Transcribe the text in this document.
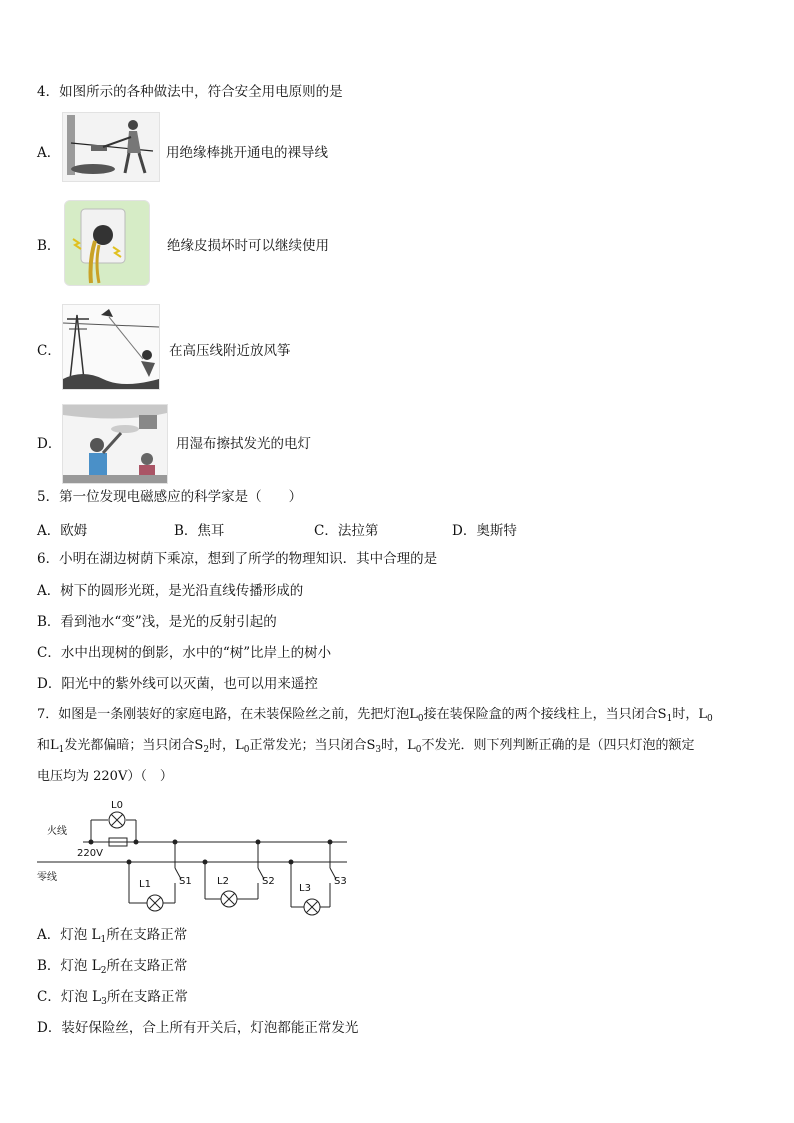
4．如图所示的各种做法中，符合安全用电原则的是
A．	用绝缘棒挑开通电的裸导线
B．	绝缘皮损坏时可以继续使用
C．	在高压线附近放风筝
D．	用湿布擦拭发光的电灯
5．第一位发现电磁感应的科学家是（　　）
A．欧姆	B．焦耳	C．法拉第	D．奥斯特
6．小明在湖边树荫下乘凉，想到了所学的物理知识．其中合理的是
A．树下的圆形光斑，是光沿直线传播形成的
B．看到池水“变”浅，是光的反射引起的
C．水中出现树的倒影，水中的“树”比岸上的树小
D．阳光中的紫外线可以灭菌，也可以用来遥控
7．如图是一条刚装好的家庭电路，在未装保险丝之前，先把灯泡$L_0$接在装保险盒的两个接线柱上，当只闭合$S_1$时，$L_0$
和$L_1$发光都偏暗；当只闭合$S_2$时，$L_0$正常发光；当只闭合$S_3$时，$L_0$不发光．则下列判断正确的是（四只灯泡的额定
电压均为 220V）（　）
火线
零线
220V
L0
L1	S1	L2	S2
L3
S3
A．灯泡 $L_1$所在支路正常
B．灯泡 $L_2$所在支路正常
C．灯泡 $L_3$所在支路正常
D．装好保险丝，合上所有开关后，灯泡都能正常发光
